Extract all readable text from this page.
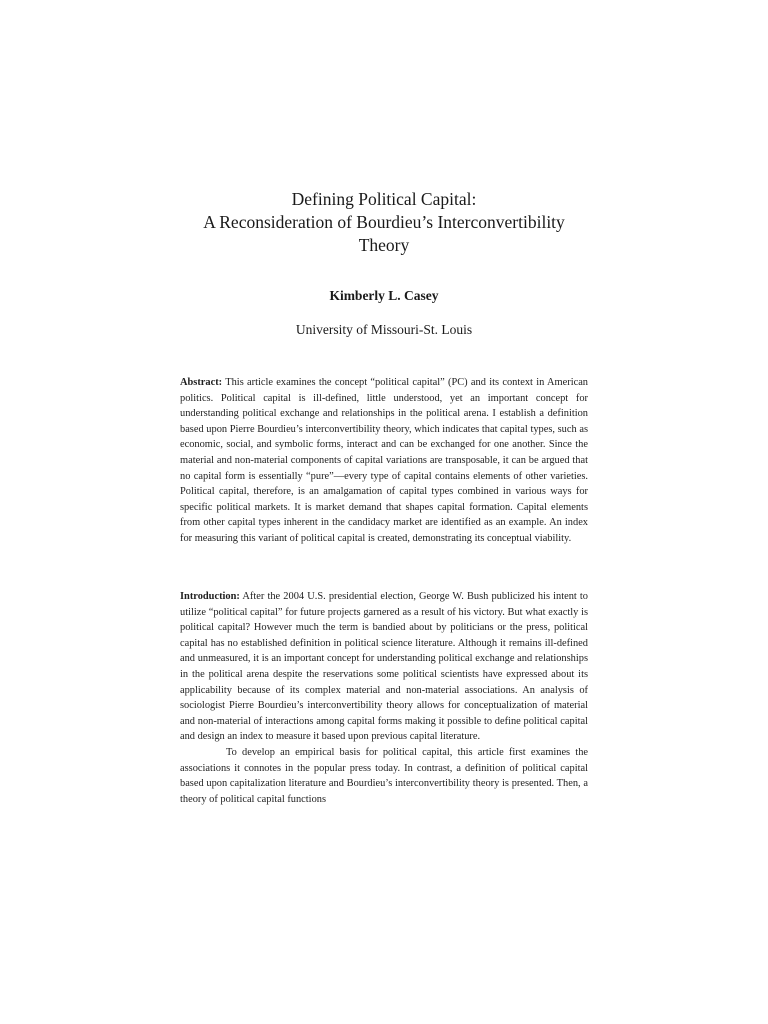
Defining Political Capital:
A Reconsideration of Bourdieu’s Interconvertibility
Theory
Kimberly L. Casey
University of Missouri-St. Louis
Abstract: This article examines the concept “political capital” (PC) and its context in American politics. Political capital is ill-defined, little understood, yet an important concept for understanding political exchange and relationships in the political arena. I establish a definition based upon Pierre Bourdieu’s interconvertibility theory, which indicates that capital types, such as economic, social, and symbolic forms, interact and can be exchanged for one another. Since the material and non-material components of capital variations are transposable, it can be argued that no capital form is essentially “pure”—every type of capital contains elements of other varieties. Political capital, therefore, is an amalgamation of capital types combined in various ways for specific political markets. It is market demand that shapes capital formation. Capital elements from other capital types inherent in the candidacy market are identified as an example. An index for measuring this variant of political capital is created, demonstrating its conceptual viability.
Introduction: After the 2004 U.S. presidential election, George W. Bush publicized his intent to utilize “political capital” for future projects garnered as a result of his victory. But what exactly is political capital? However much the term is bandied about by politicians or the press, political capital has no established definition in political science literature. Although it remains ill-defined and unmeasured, it is an important concept for understanding political exchange and relationships in the political arena despite the reservations some political scientists have expressed about its applicability because of its complex material and non-material associations. An analysis of sociologist Pierre Bourdieu’s interconvertibility theory allows for conceptualization of material and non-material of interactions among capital forms making it possible to define political capital and design an index to measure it based upon previous capital literature.
To develop an empirical basis for political capital, this article first examines the associations it connotes in the popular press today. In contrast, a definition of political capital based upon capitalization literature and Bourdieu’s interconvertibility theory is presented. Then, a theory of political capital functions
